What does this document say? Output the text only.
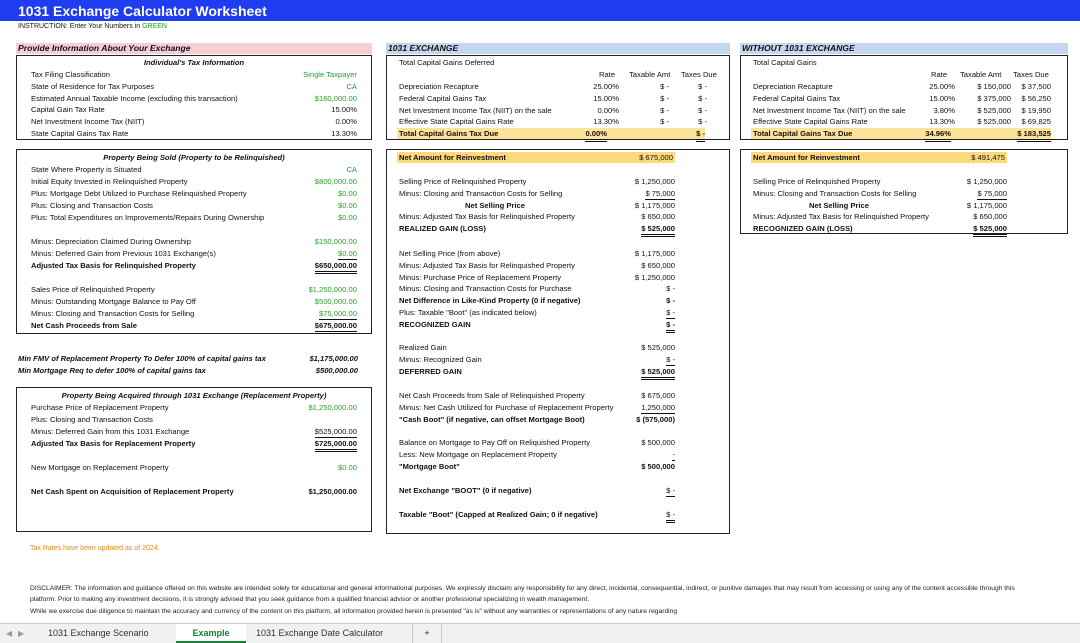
1031 Exchange Calculator Worksheet
INSTRUCTION: Enter Your Numbers in GREEN
Provide Information About Your Exchange	1031 EXCHANGE	WITHOUT 1031 EXCHANGE
Individual's Tax Information
Tax Filing Classification	Single Taxpayer
State of Residence for Tax Purposes	CA
Estimated Annual Taxable Income (excluding this transaction)	$160,000.00
Capital Gain Tax Rate	15.00%
Net Investment Income Tax (NIIT)	0.00%
State Capital Gains Tax Rate	13.30%
Property Being Sold (Property to be Relinquished)
State Where Property is Situated	CA
Initial Equity Invested in Relinquished Property	$800,000.00
Plus: Mortgage Debt Utilized to Purchase Relinquished Property	$0.00
Plus: Closing and Transaction Costs	$0.00
Plus: Total Expenditures on Improvements/Repairs During Ownership	$0.00
Minus: Depreciation Claimed During Ownership	$150,000.00
Minus: Deferred Gain from Previous 1031 Exchange(s)	$0.00
Adjusted Tax Basis for Relinquished Property	$650,000.00
Sales Price of Relinquished Property	$1,250,000.00
Minus: Outstanding Mortgage Balance to Pay Off	$500,000.00
Minus: Closing and Transaction Costs for Selling	$75,000.00
Net Cash Proceeds from Sale	$675,000.00
Min FMV of Replacement Property To Defer 100% of capital gains tax	$1,175,000.00
Min Mortgage Req to defer 100% of capital gains tax	$500,000.00
Property Being Acquired through 1031 Exchange (Replacement Property)
Purchase Price of Replacement Property	$1,250,000.00
Plus: Closing and Transaction Costs
Minus: Deferred Gain from this 1031 Exchange	$525,000.00
Adjusted Tax Basis for Replacement Property	$725,000.00
New Mortgage on Replacement Property	$0.00
Net Cash Spent on Acquisition of Replacement Property	$1,250,000.00
Total Capital Gains Deferred
Rate Taxable Amt Taxes Due
Depreciation Recapture	25.00%	$ -	$ -
Federal Capital Gains Tax	15.00%	$ -	$ -
Net Investment Income Tax (NIIT) on the sale	0.00%	$ -	$ -
Effective State Capital Gains Rate	13.30%	$ -	$ -
Total Capital Gains Tax Due	0.00%	$ -
Net Amount for Reinvestment	$ 675,000
Selling Price of Relinquished Property	$ 1,250,000
Minus: Closing and Transaction Costs for Selling	$ 75,000
Net Selling Price	$ 1,175,000
Minus: Adjusted Tax Basis for Relinquished Property	$ 650,000
REALIZED GAIN (LOSS)	$ 525,000
Net Selling Price (from above)	$ 1,175,000
Minus: Adjusted Tax Basis for Relinquished Property	$ 650,000
Minus: Purchase Price of Replacement Property	$ 1,250,000
Minus: Closing and Transaction Costs for Purchase	$ -
Net Difference in Like-Kind Property (0 if negative)	$ -
Plus: Taxable "Boot" (as indicated below)	$ -
RECOGNIZED GAIN	$ -
Realized Gain	$ 525,000
Minus: Recognized Gain	$ -
DEFERRED GAIN	$ 525,000
Net Cash Proceeds from Sale of Relinquished Property	$ 675,000
Minus: Net Cash Utilized for Purchase of Replacement Property	1,250,000
"Cash Boot" (if negative, can offset Mortgage Boot)	$ (575,000)
Balance on Mortgage to Pay Off on Reliquished Property	$ 500,000
Less: New Mortgage on Replacement Property	-
"Mortgage Boot"	$ 500,000
Net Exchange "BOOT" (0 if negative)	$ -
Taxable "Boot" (Capped at Realized Gain; 0 if negative)	$ -
Total Capital Gains
Rate Taxable Amt Taxes Due
Depreciation Recapture	25.00%	$ 150,000 $ 37,500
Federal Capital Gains Tax	15.00%	$ 375,000 $ 56,250
Net Investment Income Tax (NIIT) on the sale	3.80%	$ 525,000 $ 19,950
Effective State Capital Gains Rate	13.30%	$ 525,000 $ 69,825
Total Capital Gains Tax Due	34.96%	$ 183,525
Net Amount for Reinvestment	$ 491,475
Selling Price of Relinquished Property	$ 1,250,000
Minus: Closing and Transaction Costs for Selling	$ 75,000
Net Selling Price	$ 1,175,000
Minus: Adjusted Tax Basis for Relinquished Property	$ 650,000
RECOGNIZED GAIN (LOSS)	$ 525,000
Tax Rates have been updated as of 2024.
DISCLAIMER: The information and guidance offered on this website are intended solely for educational and general informational purposes. We expressly disclaim any responsibility for any direct, incidental, consequential, indirect, or punitive damages that may result from accessing or using any of the content accessible through this platform. Prior to making any investment decisions, it is strongly advised that you seek guidance from a qualified financial advisor or another professional specializing in wealth management.
While we exercise due diligence to maintain the accuracy and currency of the content on this platform, all information provided herein is presented "as is" without any warranties or representations of any nature regarding
◀ ▶	1031 Exchange Scenario	Example	1031 Exchange Date Calculator	+
